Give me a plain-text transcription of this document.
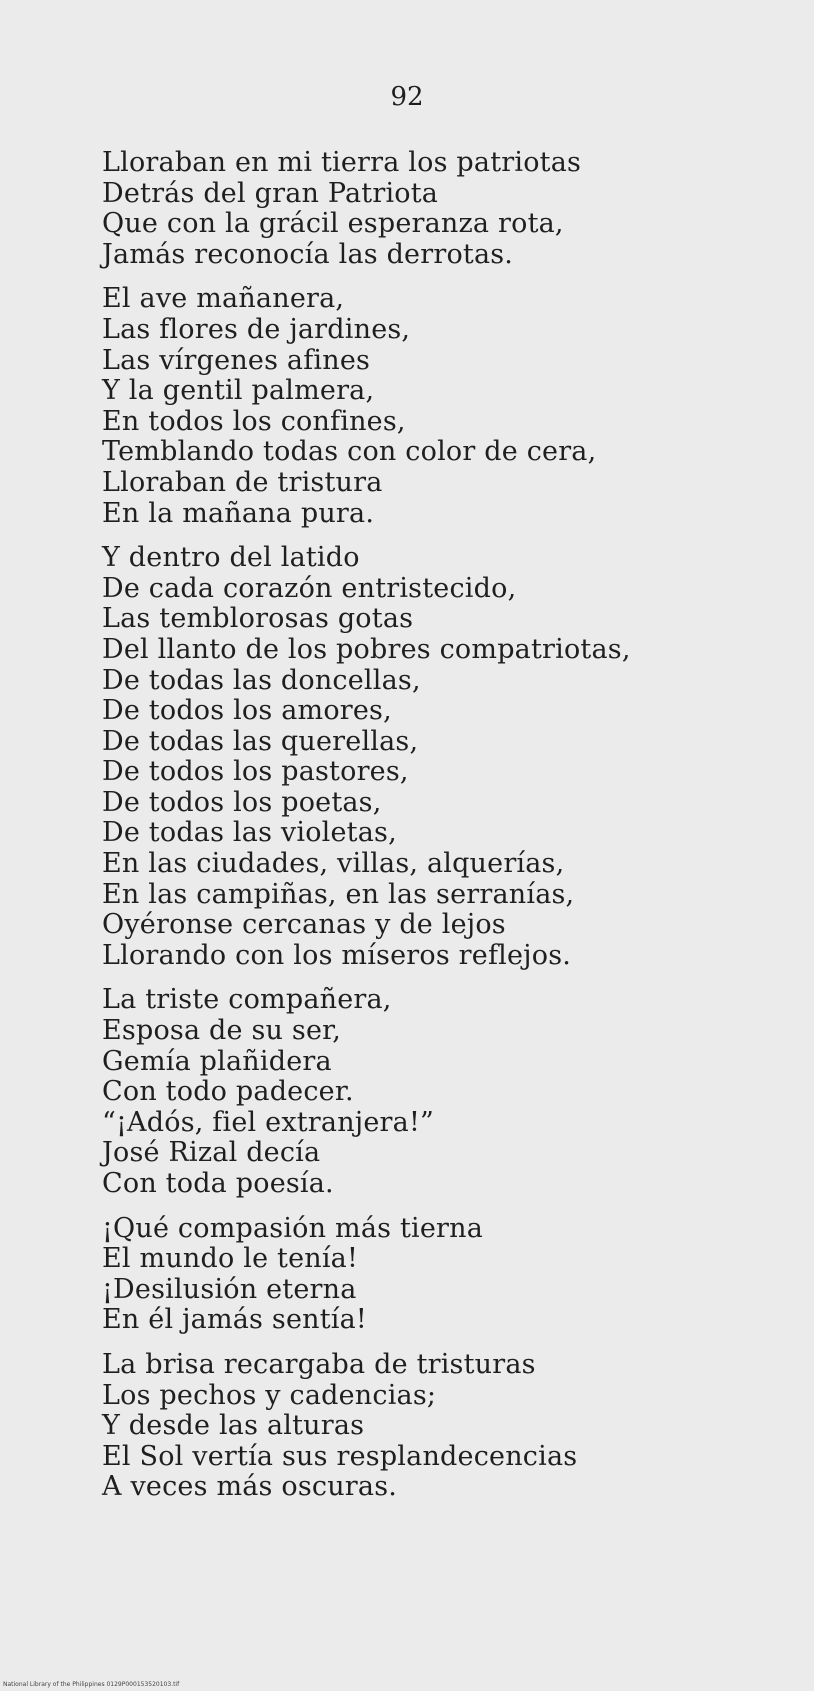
92
Lloraban en mi tierra los patriotas
Detrás del gran Patriota
Que con la grácil esperanza rota,
Jamás reconocía las derrotas.
El ave mañanera,
Las flores de jardines,
Las vírgenes afines
Y la gentil palmera,
En todos los confines,
Temblando todas con color de cera,
Lloraban de tristura
En la mañana pura.
Y dentro del latido
De cada corazón entristecido,
Las temblorosas gotas
Del llanto de los pobres compatriotas,
De todas las doncellas,
De todos los amores,
De todas las querellas,
De todos los pastores,
De todos los poetas,
De todas las violetas,
En las ciudades, villas, alquerías,
En las campiñas, en las serranías,
Oyéronse cercanas y de lejos
Llorando con los míseros reflejos.
La triste compañera,
Esposa de su ser,
Gemía plañidera
Con todo padecer.
“¡Adós, fiel extranjera!”
José Rizal decía
Con toda poesía.
¡Qué compasión más tierna
El mundo le tenía!
¡Desilusión eterna
En él jamás sentía!
La brisa recargaba de tristuras
Los pechos y cadencias;
Y desde las alturas
El Sol vertía sus resplandecencias
A veces más oscuras.
National Library of the Philippines 0129P000153520103.tif
